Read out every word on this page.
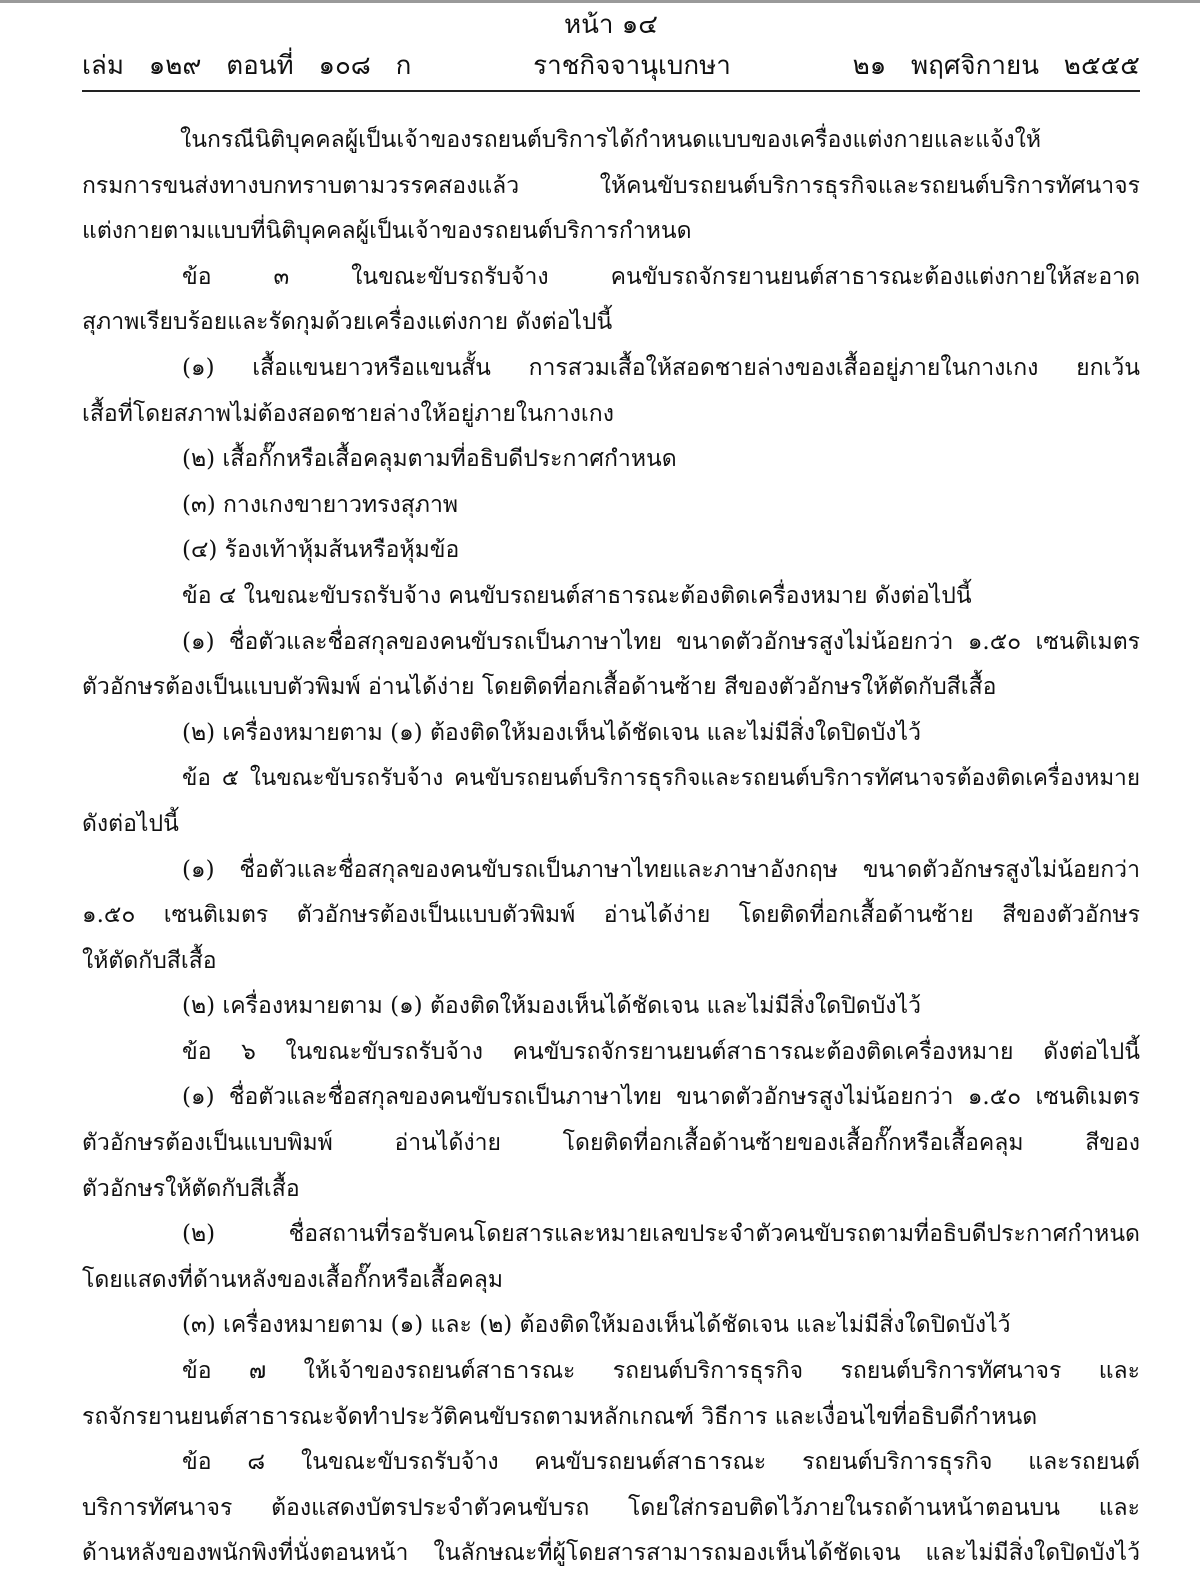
หน้า ๑๔
เล่ม   ๑๒๙   ตอนที่   ๑๐๘   ก	ราชกิจจานุเบกษา	๒๑   พฤศจิกายน   ๒๕๕๕
ในกรณีนิติบุคคลผู้เป็นเจ้าของรถยนต์บริการได้กำหนดแบบของเครื่องแต่งกายและแจ้งให้
กรมการขนส่งทางบกทราบตามวรรคสองแล้ว ให้คนขับรถยนต์บริการธุรกิจและรถยนต์บริการทัศนาจร
แต่งกายตามแบบที่นิติบุคคลผู้เป็นเจ้าของรถยนต์บริการกำหนด
ข้อ ๓ ในขณะขับรถรับจ้าง คนขับรถจักรยานยนต์สาธารณะต้องแต่งกายให้สะอาด
สุภาพเรียบร้อยและรัดกุมด้วยเครื่องแต่งกาย ดังต่อไปนี้
(๑) เสื้อแขนยาวหรือแขนสั้น การสวมเสื้อให้สอดชายล่างของเสื้ออยู่ภายในกางเกง ยกเว้น
เสื้อที่โดยสภาพไม่ต้องสอดชายล่างให้อยู่ภายในกางเกง
(๒) เสื้อกั๊กหรือเสื้อคลุมตามที่อธิบดีประกาศกำหนด
(๓) กางเกงขายาวทรงสุภาพ
(๔) ร้องเท้าหุ้มส้นหรือหุ้มข้อ
ข้อ ๔ ในขณะขับรถรับจ้าง คนขับรถยนต์สาธารณะต้องติดเครื่องหมาย ดังต่อไปนี้
(๑) ชื่อตัวและชื่อสกุลของคนขับรถเป็นภาษาไทย ขนาดตัวอักษรสูงไม่น้อยกว่า ๑.๕๐ เซนติเมตร
ตัวอักษรต้องเป็นแบบตัวพิมพ์ อ่านได้ง่าย โดยติดที่อกเสื้อด้านซ้าย สีของตัวอักษรให้ตัดกับสีเสื้อ
(๒) เครื่องหมายตาม (๑) ต้องติดให้มองเห็นได้ชัดเจน และไม่มีสิ่งใดปิดบังไว้
ข้อ ๕ ในขณะขับรถรับจ้าง คนขับรถยนต์บริการธุรกิจและรถยนต์บริการทัศนาจรต้องติดเครื่องหมาย
ดังต่อไปนี้
(๑) ชื่อตัวและชื่อสกุลของคนขับรถเป็นภาษาไทยและภาษาอังกฤษ ขนาดตัวอักษรสูงไม่น้อยกว่า
๑.๕๐ เซนติเมตร ตัวอักษรต้องเป็นแบบตัวพิมพ์ อ่านได้ง่าย โดยติดที่อกเสื้อด้านซ้าย สีของตัวอักษร
ให้ตัดกับสีเสื้อ
(๒) เครื่องหมายตาม (๑) ต้องติดให้มองเห็นได้ชัดเจน และไม่มีสิ่งใดปิดบังไว้
ข้อ ๖ ในขณะขับรถรับจ้าง คนขับรถจักรยานยนต์สาธารณะต้องติดเครื่องหมาย ดังต่อไปนี้
(๑) ชื่อตัวและชื่อสกุลของคนขับรถเป็นภาษาไทย ขนาดตัวอักษรสูงไม่น้อยกว่า ๑.๕๐ เซนติเมตร
ตัวอักษรต้องเป็นแบบพิมพ์ อ่านได้ง่าย โดยติดที่อกเสื้อด้านซ้ายของเสื้อกั๊กหรือเสื้อคลุม สีของ
ตัวอักษรให้ตัดกับสีเสื้อ
(๒) ชื่อสถานที่รอรับคนโดยสารและหมายเลขประจำตัวคนขับรถตามที่อธิบดีประกาศกำหนด
โดยแสดงที่ด้านหลังของเสื้อกั๊กหรือเสื้อคลุม
(๓) เครื่องหมายตาม (๑) และ (๒) ต้องติดให้มองเห็นได้ชัดเจน และไม่มีสิ่งใดปิดบังไว้
ข้อ ๗ ให้เจ้าของรถยนต์สาธารณะ รถยนต์บริการธุรกิจ รถยนต์บริการทัศนาจร และ
รถจักรยานยนต์สาธารณะจัดทำประวัติคนขับรถตามหลักเกณฑ์ วิธีการ และเงื่อนไขที่อธิบดีกำหนด
ข้อ ๘ ในขณะขับรถรับจ้าง คนขับรถยนต์สาธารณะ รถยนต์บริการธุรกิจ และรถยนต์
บริการทัศนาจร ต้องแสดงบัตรประจำตัวคนขับรถ โดยใส่กรอบติดไว้ภายในรถด้านหน้าตอนบน และ
ด้านหลังของพนักพิงที่นั่งตอนหน้า ในลักษณะที่ผู้โดยสารสามารถมองเห็นได้ชัดเจน และไม่มีสิ่งใดปิดบังไว้
